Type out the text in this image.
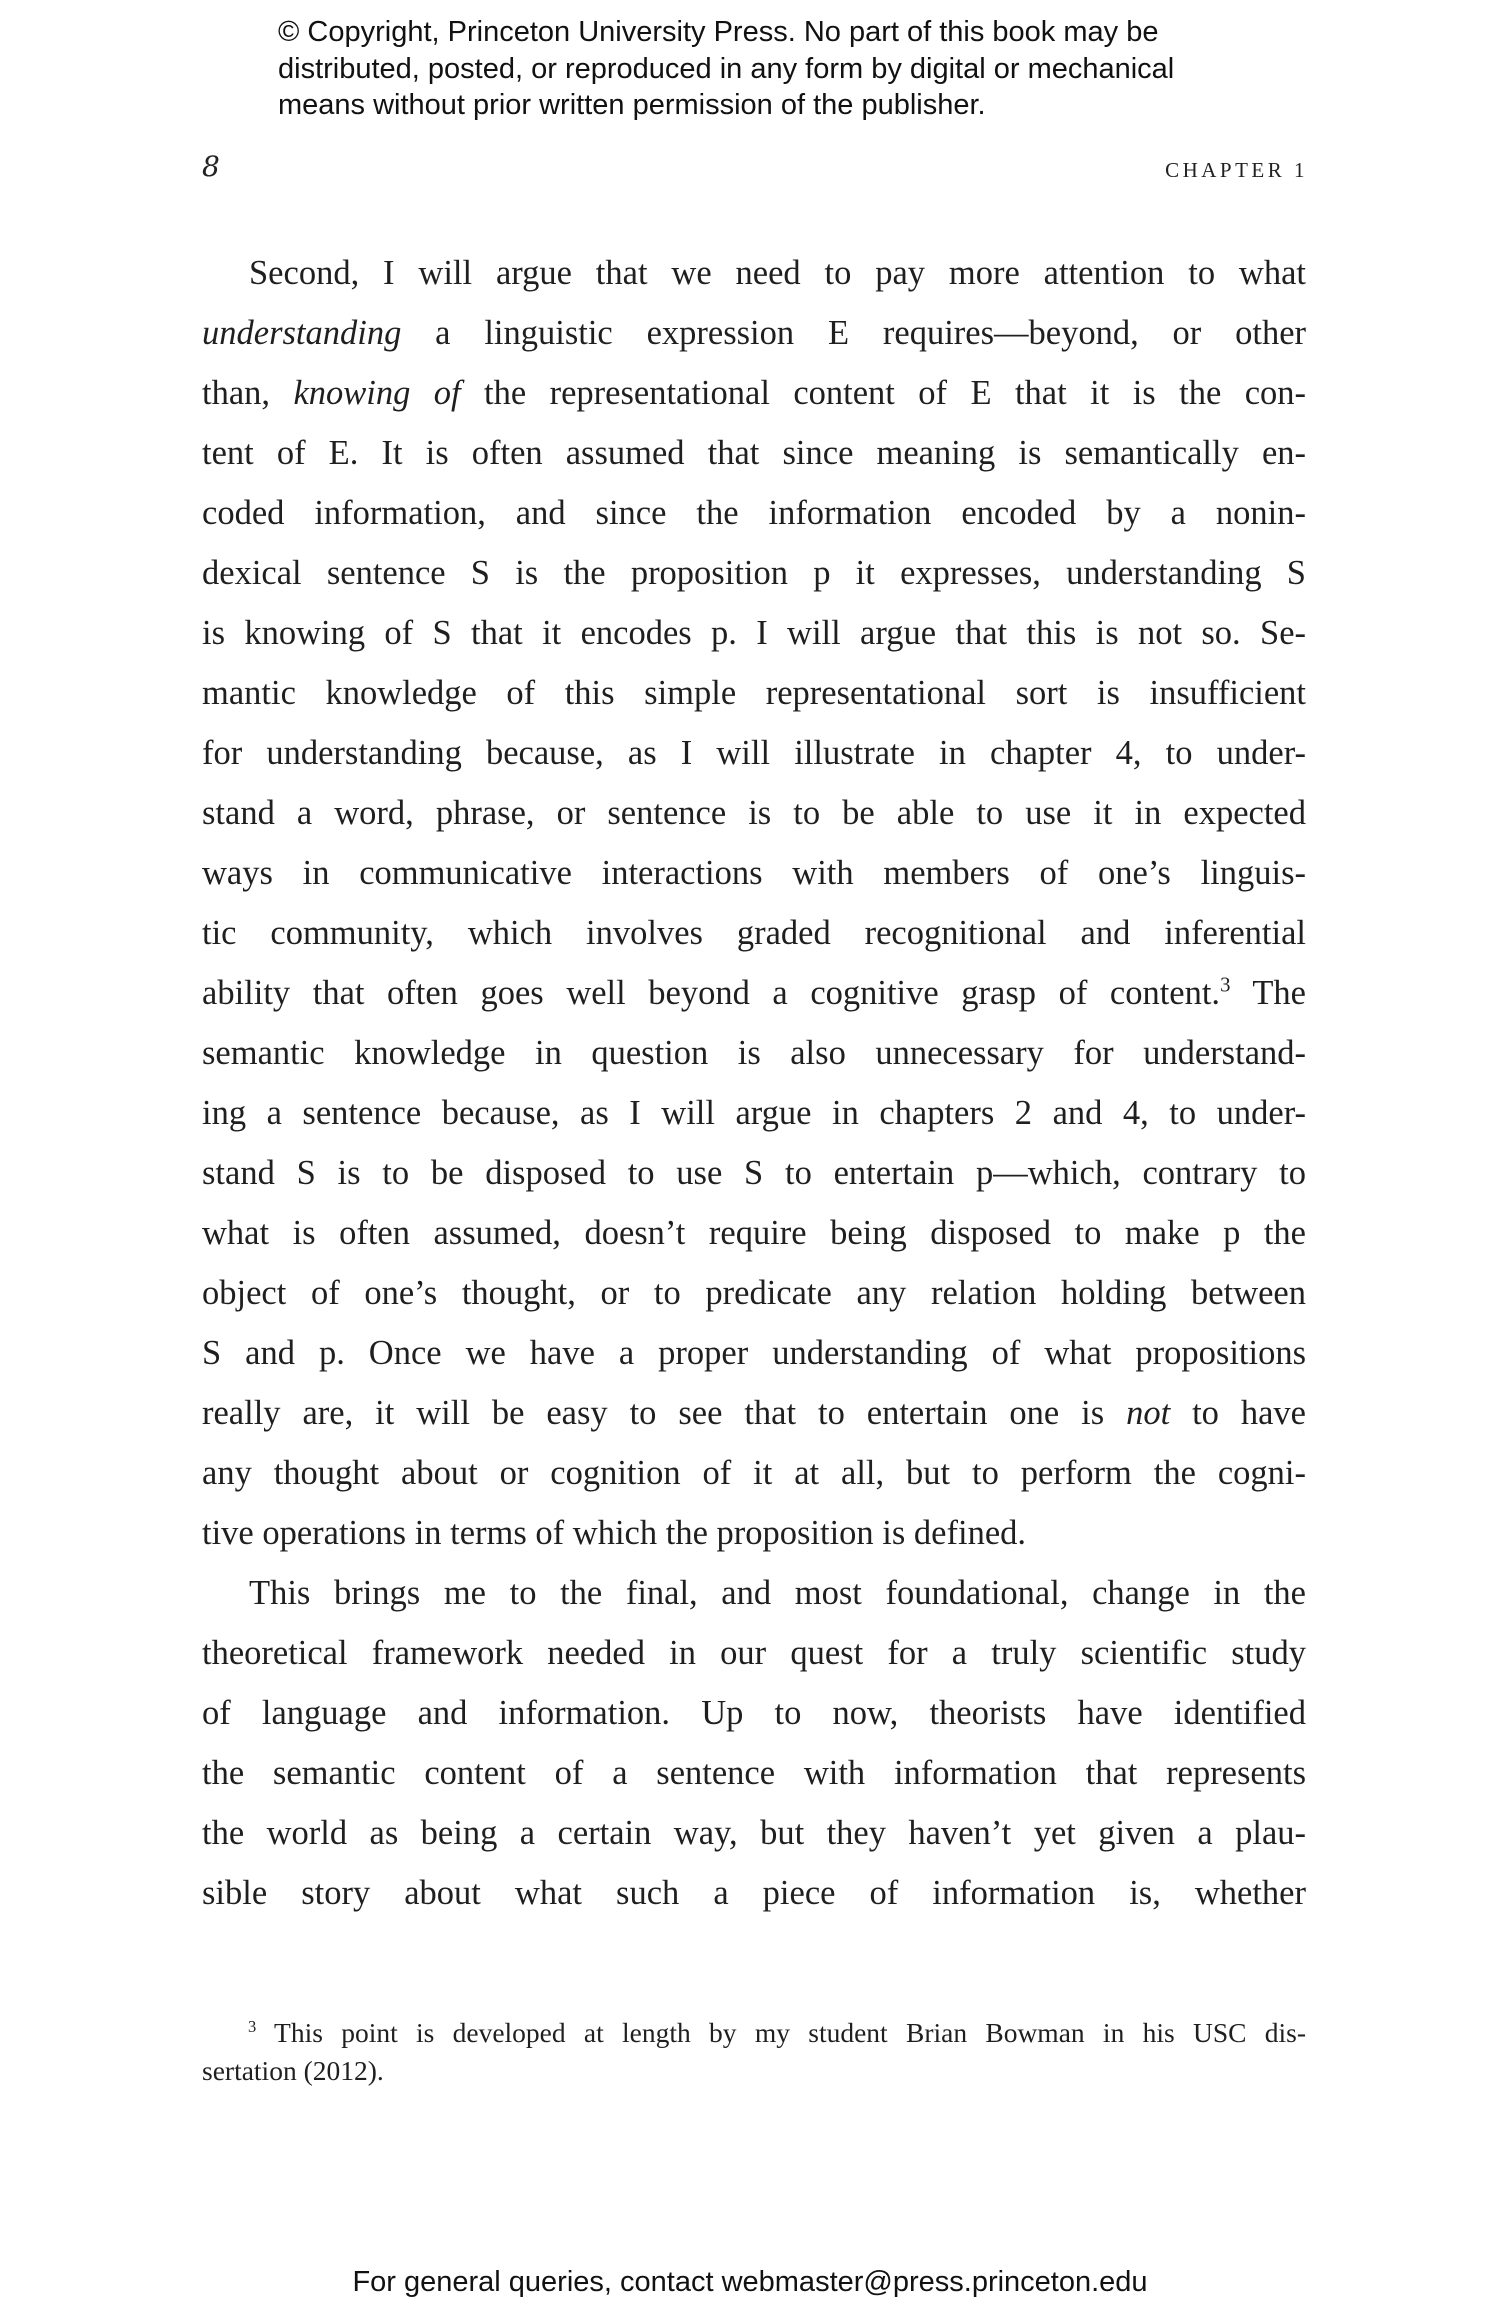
© Copyright, Princeton University Press. No part of this book may be
distributed, posted, or reproduced in any form by digital or mechanical
means without prior written permission of the publisher.
8	CHAPTER 1
Second, I will argue that we need to pay more attention to what
understanding a linguistic expression E requires—beyond, or other
than, knowing of the representational content of E that it is the con-
tent of E. It is often assumed that since meaning is semantically en-
coded information, and since the information encoded by a nonin-
dexical sentence S is the proposition p it expresses, understanding S
is knowing of S that it encodes p. I will argue that this is not so. Se-
mantic knowledge of this simple representational sort is insufficient
for understanding because, as I will illustrate in chapter 4, to under-
stand a word, phrase, or sentence is to be able to use it in expected
ways in communicative interactions with members of one’s linguis-
tic community, which involves graded recognitional and inferential
ability that often goes well beyond a cognitive grasp of content.$^3$ The
semantic knowledge in question is also unnecessary for understand-
ing a sentence because, as I will argue in chapters 2 and 4, to under-
stand S is to be disposed to use S to entertain p—which, contrary to
what is often assumed, doesn’t require being disposed to make p the
object of one’s thought, or to predicate any relation holding between
S and p. Once we have a proper understanding of what propositions
really are, it will be easy to see that to entertain one is not to have
any thought about or cognition of it at all, but to perform the cogni-
tive operations in terms of which the proposition is defined.
This brings me to the final, and most foundational, change in the
theoretical framework needed in our quest for a truly scientific study
of language and information. Up to now, theorists have identified
the semantic content of a sentence with information that represents
the world as being a certain way, but they haven’t yet given a plau-
sible story about what such a piece of information is, whether
$^3$ This point is developed at length by my student Brian Bowman in his USC dis-
sertation (2012).
For general queries, contact webmaster@press.princeton.edu
